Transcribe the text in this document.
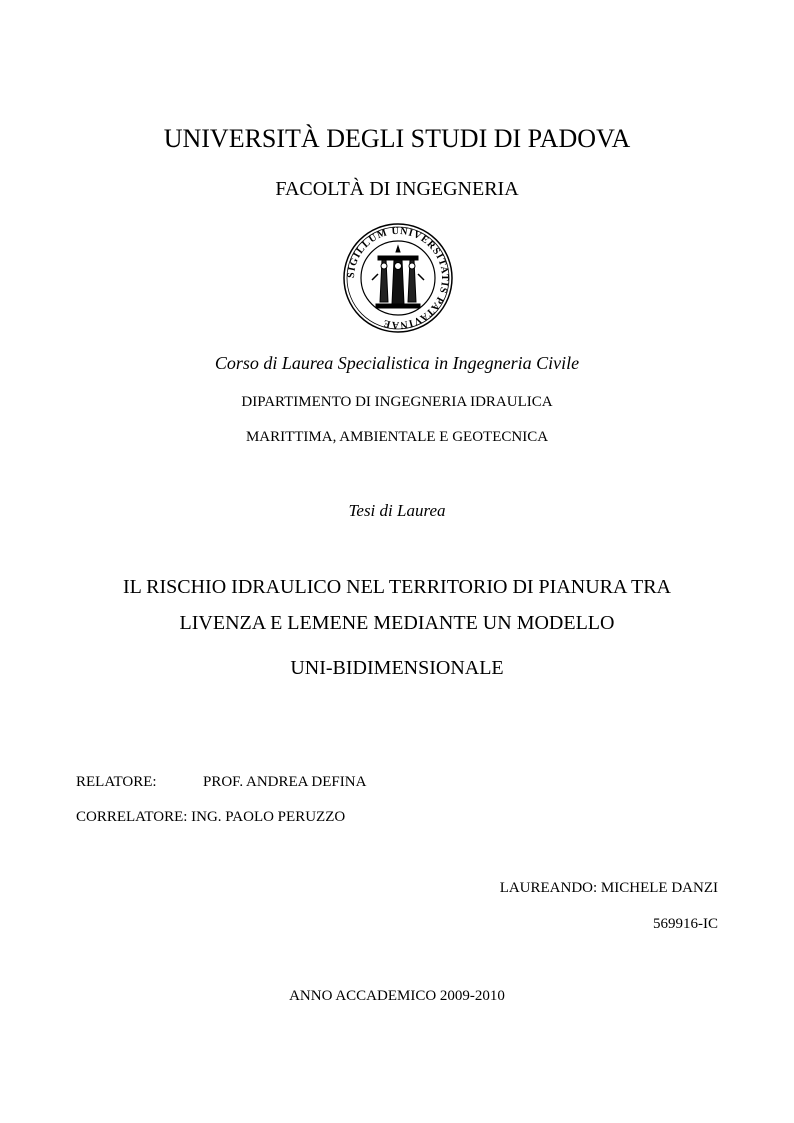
UNIVERSITÀ DEGLI STUDI DI PADOVA
FACOLTÀ DI INGEGNERIA
SIGILLUM UNIVERSITATIS PATAVINAE
Corso di Laurea Specialistica in Ingegneria Civile
DIPARTIMENTO DI INGEGNERIA IDRAULICA
MARITTIMA, AMBIENTALE E GEOTECNICA
Tesi di Laurea
IL RISCHIO IDRAULICO NEL TERRITORIO DI PIANURA TRA
LIVENZA E LEMENE MEDIANTE UN MODELLO
UNI-BIDIMENSIONALE
RELATORE:	PROF. ANDREA DEFINA
CORRELATORE: ING. PAOLO PERUZZO
LAUREANDO: MICHELE DANZI
569916-IC
ANNO ACCADEMICO 2009-2010
